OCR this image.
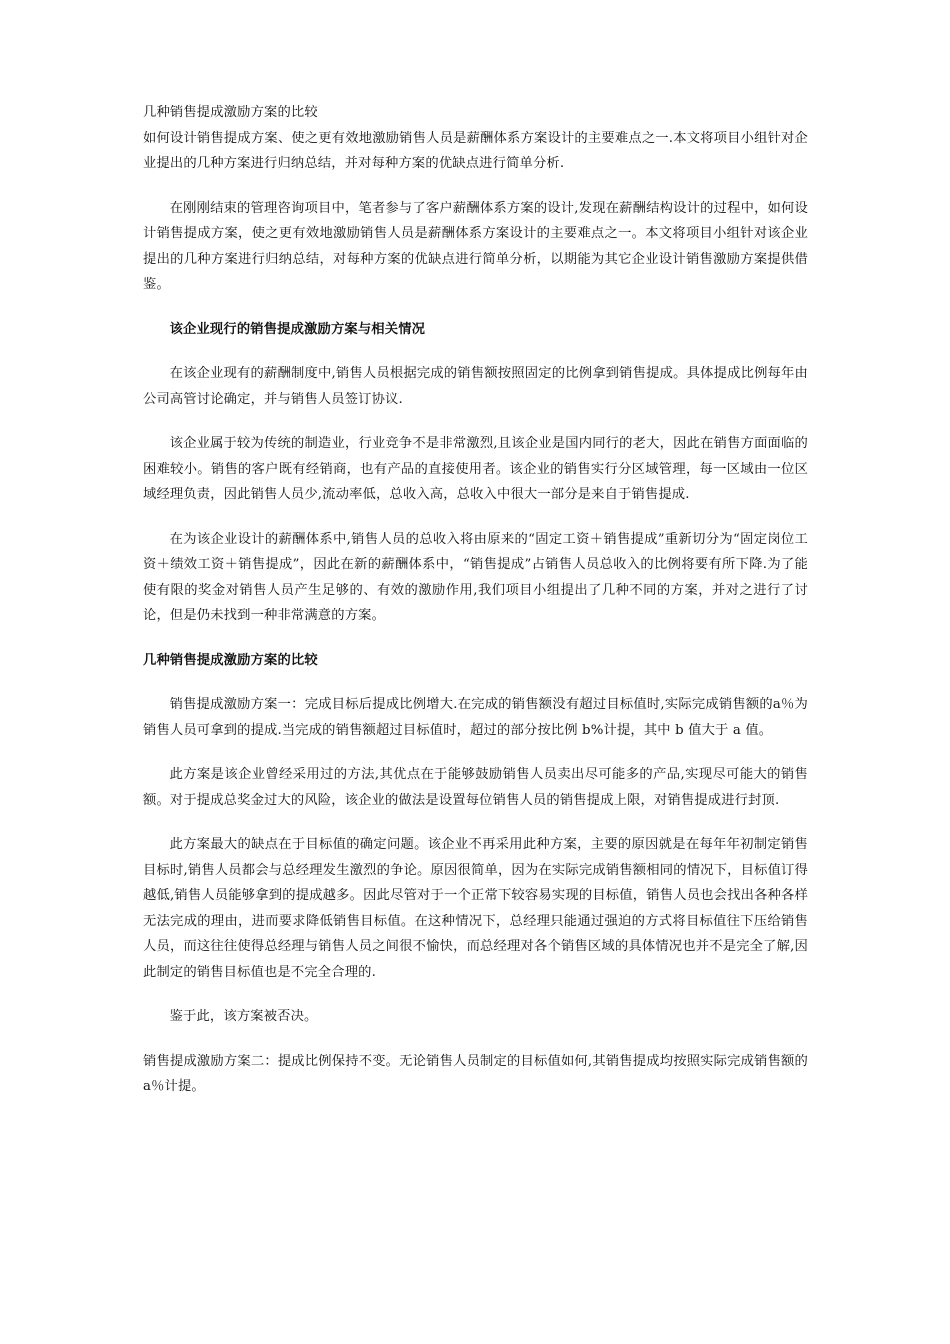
几种销售提成激励方案的比较

如何设计销售提成方案、使之更有效地激励销售人员是薪酬体系方案设计的主要难点之一.本文将项目小组针对企业提出的几种方案进行归纳总结，并对每种方案的优缺点进行简单分析.

在刚刚结束的管理咨询项目中，笔者参与了客户薪酬体系方案的设计,发现在薪酬结构设计的过程中，如何设计销售提成方案，使之更有效地激励销售人员是薪酬体系方案设计的主要难点之一。本文将项目小组针对该企业提出的几种方案进行归纳总结，对每种方案的优缺点进行简单分析，以期能为其它企业设计销售激励方案提供借鉴。

该企业现行的销售提成激励方案与相关情况

在该企业现有的薪酬制度中,销售人员根据完成的销售额按照固定的比例拿到销售提成。具体提成比例每年由公司高管讨论确定，并与销售人员签订协议.

该企业属于较为传统的制造业，行业竞争不是非常激烈,且该企业是国内同行的老大，因此在销售方面面临的困难较小。销售的客户既有经销商，也有产品的直接使用者。该企业的销售实行分区域管理，每一区域由一位区域经理负责，因此销售人员少,流动率低，总收入高，总收入中很大一部分是来自于销售提成.

在为该企业设计的薪酬体系中,销售人员的总收入将由原来的“固定工资＋销售提成”重新切分为“固定岗位工资＋绩效工资＋销售提成”，因此在新的薪酬体系中，“销售提成”占销售人员总收入的比例将要有所下降.为了能使有限的奖金对销售人员产生足够的、有效的激励作用,我们项目小组提出了几种不同的方案，并对之进行了讨论，但是仍未找到一种非常满意的方案。

几种销售提成激励方案的比较

销售提成激励方案一：完成目标后提成比例增大.在完成的销售额没有超过目标值时,实际完成销售额的a％为销售人员可拿到的提成.当完成的销售额超过目标值时，超过的部分按比例 b%计提，其中 b 值大于 a 值。

此方案是该企业曾经采用过的方法,其优点在于能够鼓励销售人员卖出尽可能多的产品,实现尽可能大的销售额。对于提成总奖金过大的风险，该企业的做法是设置每位销售人员的销售提成上限，对销售提成进行封顶.

此方案最大的缺点在于目标值的确定问题。该企业不再采用此种方案，主要的原因就是在每年年初制定销售目标时,销售人员都会与总经理发生激烈的争论。原因很简单，因为在实际完成销售额相同的情况下，目标值订得越低,销售人员能够拿到的提成越多。因此尽管对于一个正常下较容易实现的目标值，销售人员也会找出各种各样无法完成的理由，进而要求降低销售目标值。在这种情况下，总经理只能通过强迫的方式将目标值往下压给销售人员，而这往往使得总经理与销售人员之间很不愉快，而总经理对各个销售区域的具体情况也并不是完全了解,因此制定的销售目标值也是不完全合理的.

鉴于此，该方案被否决。

销售提成激励方案二：提成比例保持不变。无论销售人员制定的目标值如何,其销售提成均按照实际完成销售额的 a％计提。
